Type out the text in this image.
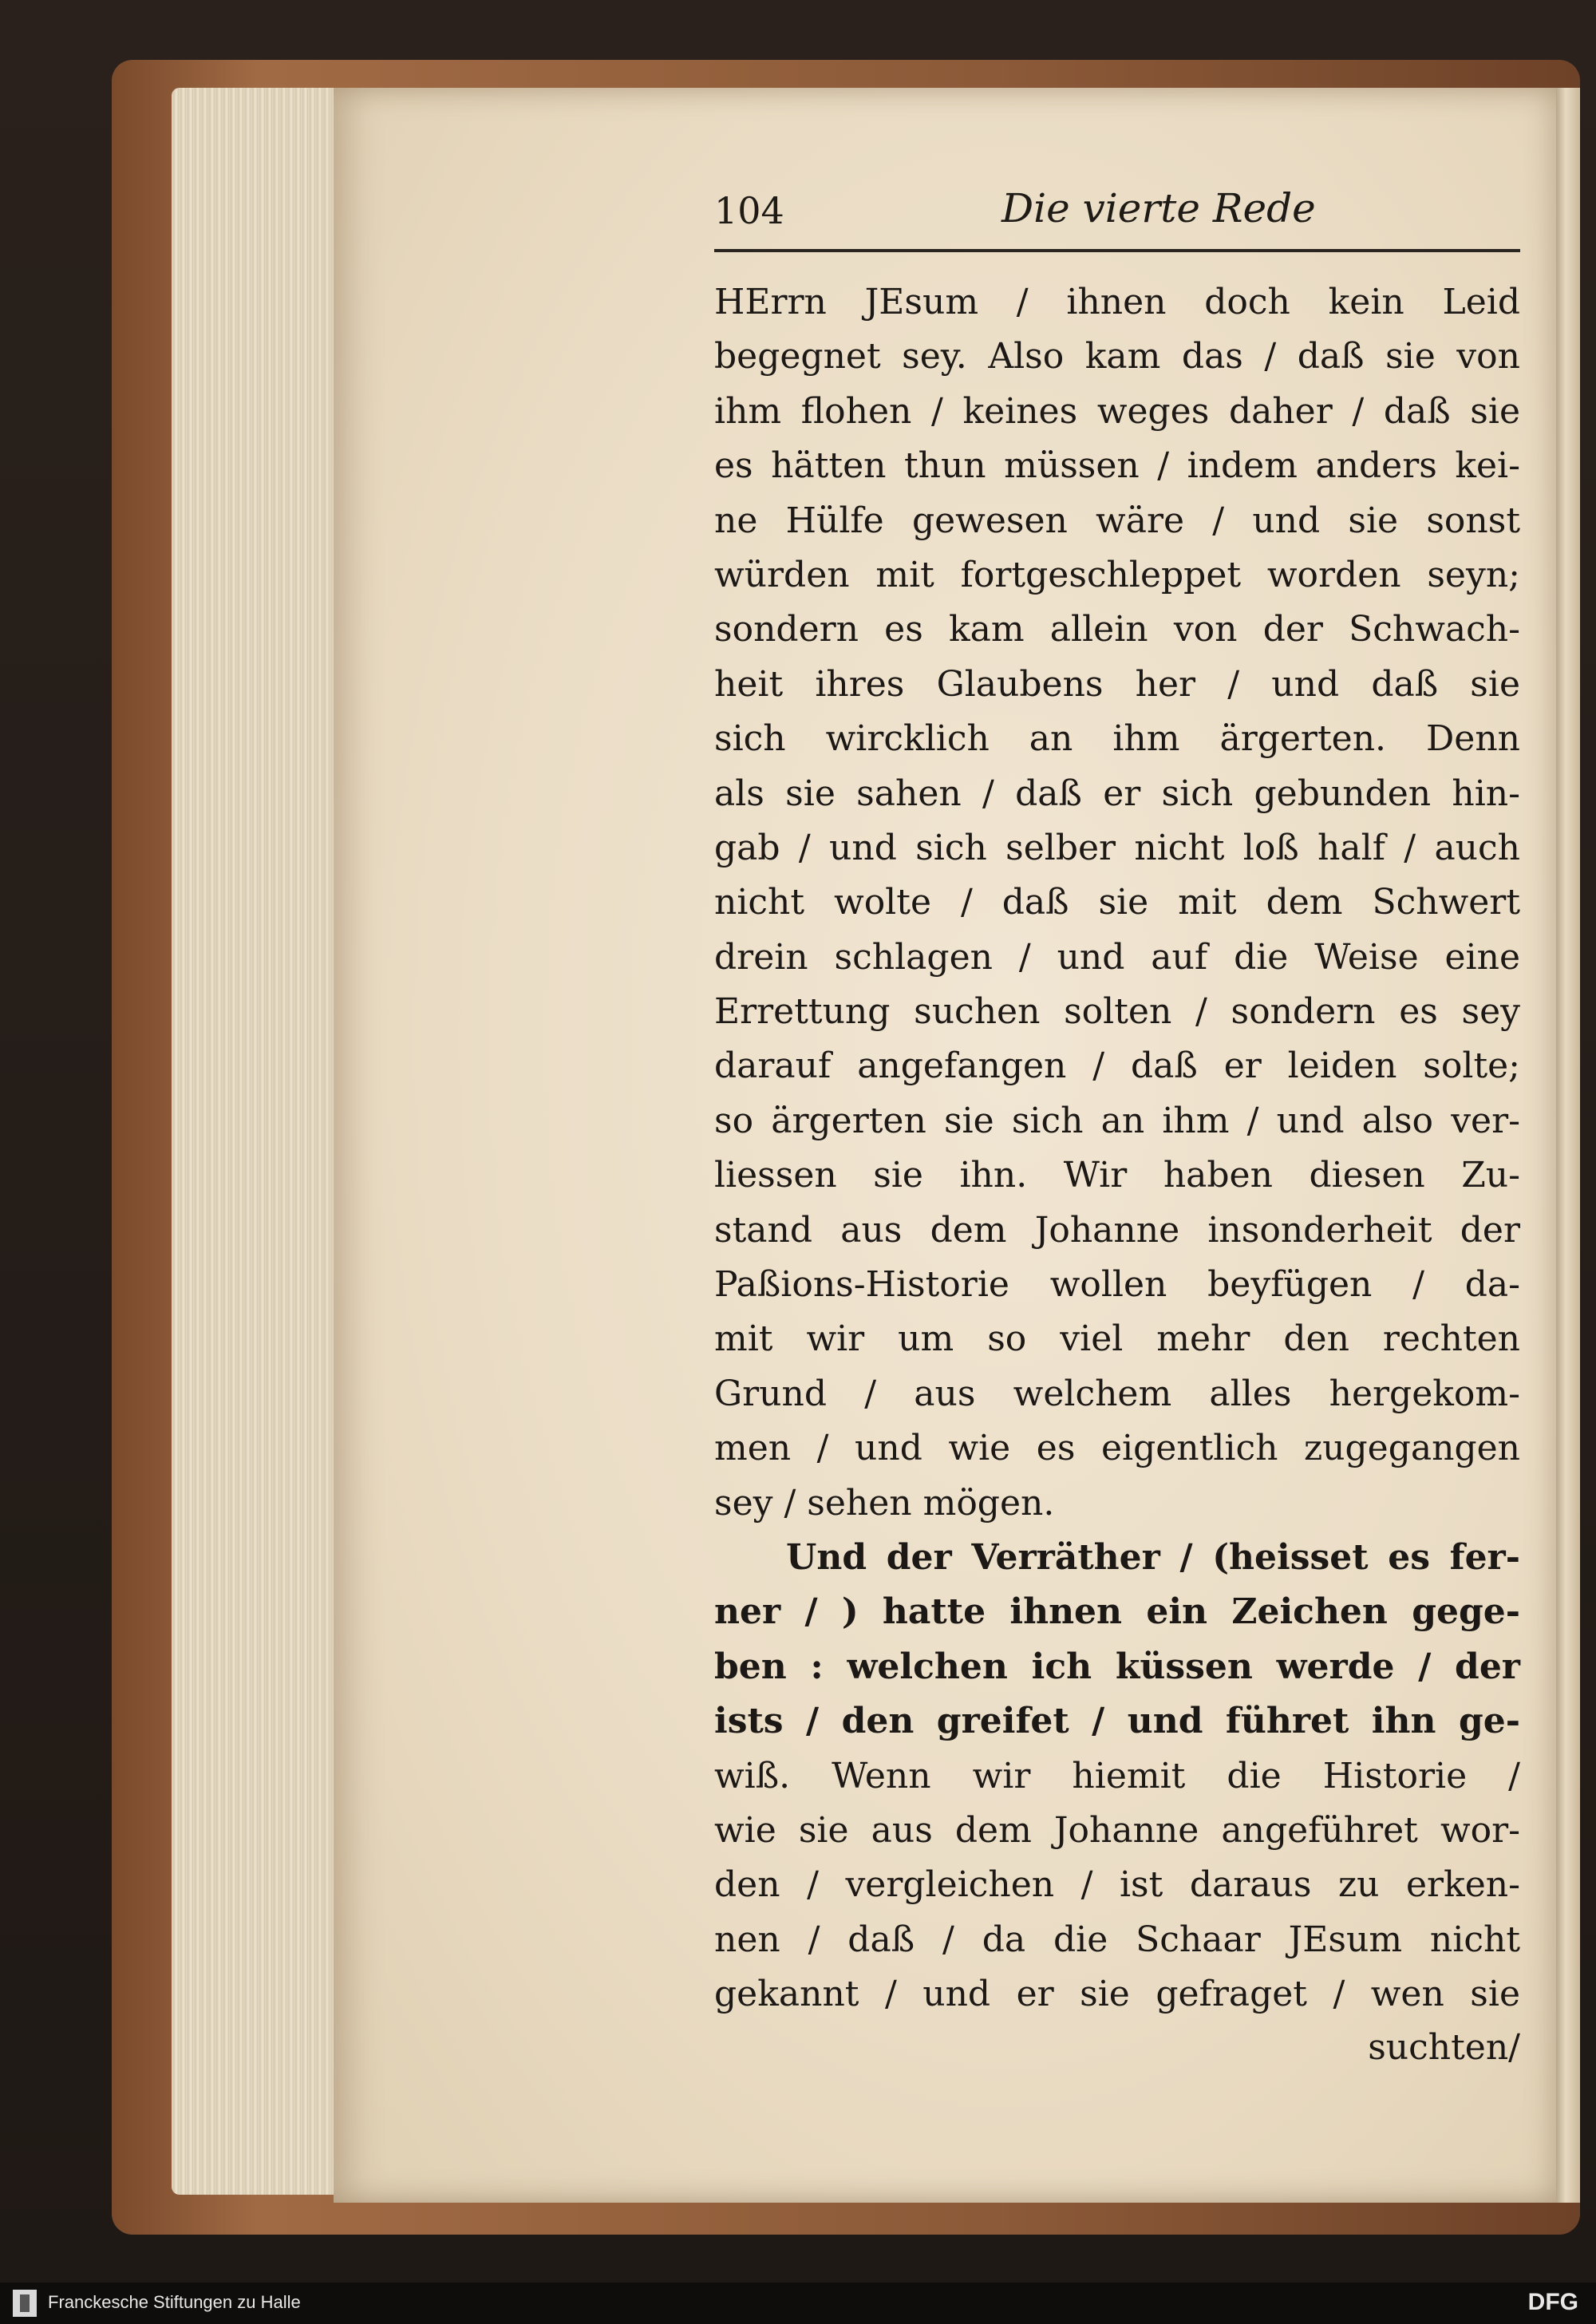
104	Die vierte Rede
HErrn JEsum / ihnen doch kein Leid
begegnet sey. Also kam das / daß sie von
ihm flohen / keines weges daher / daß sie
es hätten thun müssen / indem anders kei-
ne Hülfe gewesen wäre / und sie sonst
würden mit fortgeschleppet worden seyn;
sondern es kam allein von der Schwach-
heit ihres Glaubens her / und daß sie
sich wircklich an ihm ärgerten. Denn
als sie sahen / daß er sich gebunden hin-
gab / und sich selber nicht loß half / auch
nicht wolte / daß sie mit dem Schwert
drein schlagen / und auf die Weise eine
Errettung suchen solten / sondern es sey
darauf angefangen / daß er leiden solte;
so ärgerten sie sich an ihm / und also ver-
liessen sie ihn. Wir haben diesen Zu-
stand aus dem Johanne insonderheit der
Paßions-Historie wollen beyfügen / da-
mit wir um so viel mehr den rechten
Grund / aus welchem alles hergekom-
men / und wie es eigentlich zugegangen
sey / sehen mögen.
Und der Verräther / (heisset es fer-
ner / ) hatte ihnen ein Zeichen gege-
ben : welchen ich küssen werde / der
ists / den greifet / und führet ihn ge-
wiß. Wenn wir hiemit die Historie /
wie sie aus dem Johanne angeführet wor-
den / vergleichen / ist daraus zu erken-
nen / daß / da die Schaar JEsum nicht
gekannt / und er sie gefraget / wen sie
suchten/
Franckesche Stiftungen zu Halle	DFG
